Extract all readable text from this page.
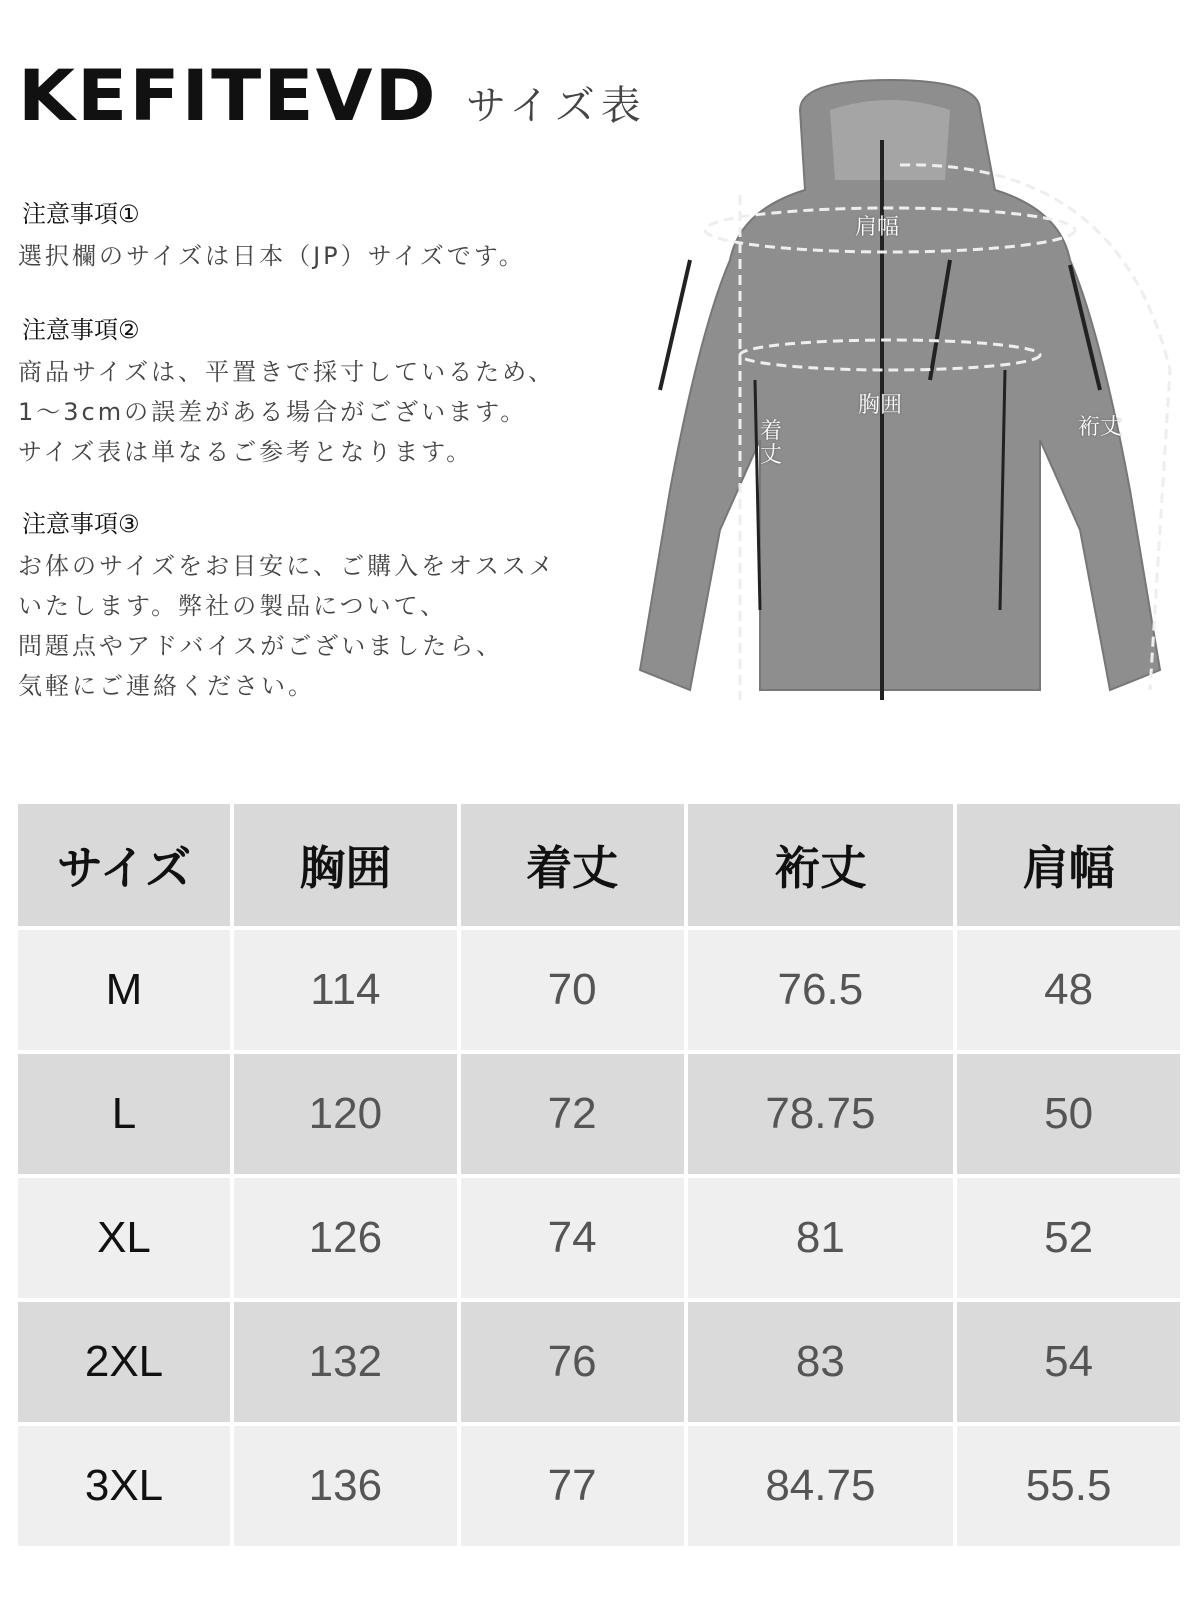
KEFITEVD サイズ表
注意事項①
選択欄のサイズは日本（JP）サイズです。
注意事項②
商品サイズは、平置きで採寸しているため、
1〜3cmの誤差がある場合がございます。
サイズ表は単なるご参考となります。
注意事項③
お体のサイズをお目安に、ご購入をオススメ
いたします。弊社の製品について、
問題点やアドバイスがございましたら、
気軽にご連絡ください。
肩幅
胸囲
着丈
裄丈
サイズ	胸囲	着丈	裄丈	肩幅
M	114	70	76.5	48
L	120	72	78.75	50
XL	126	74	81	52
2XL	132	76	83	54
3XL	136	77	84.75	55.5
